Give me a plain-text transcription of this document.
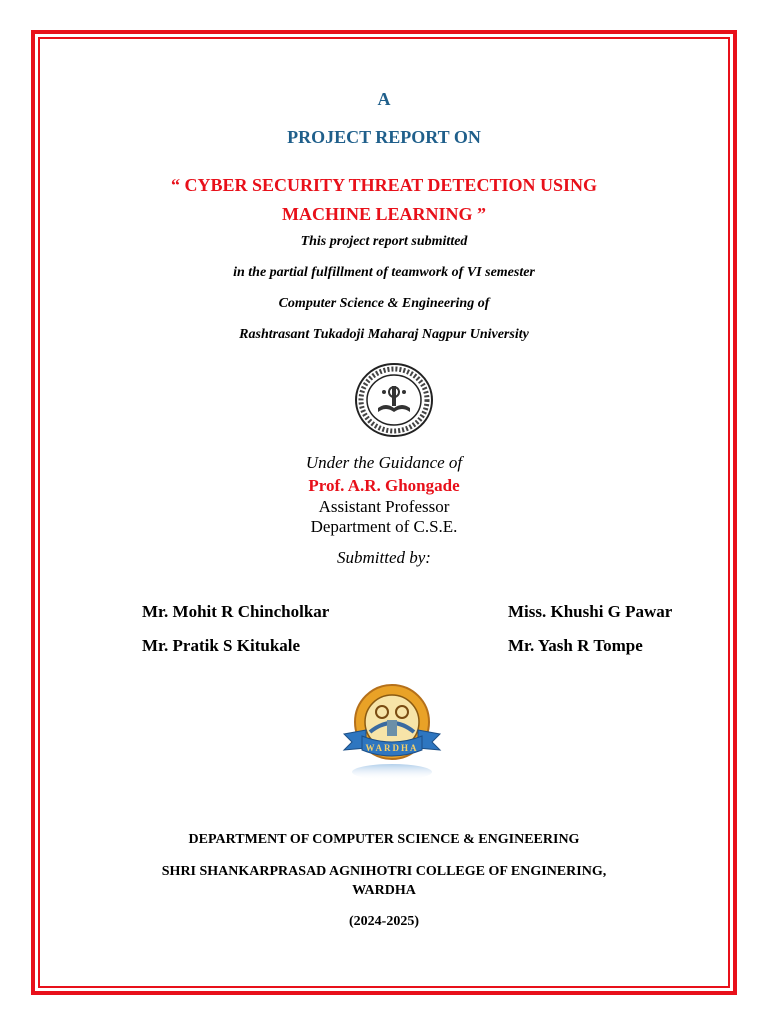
A
PROJECT REPORT ON
“ CYBER SECURITY THREAT DETECTION USING
MACHINE LEARNING ”
This project report submitted
in the partial fulfillment of teamwork of VI semester
Computer Science & Engineering of
Rashtrasant Tukadoji Maharaj Nagpur University
Under the Guidance of
Prof. A.R. Ghongade
Assistant Professor
Department of C.S.E.
Submitted by:
Mr. Mohit R Chincholkar	Miss. Khushi G Pawar
Mr. Pratik S Kitukale	Mr. Yash R Tompe
WARDHA
DEPARTMENT OF COMPUTER SCIENCE & ENGINEERING
SHRI SHANKARPRASAD AGNIHOTRI COLLEGE OF ENGINERING,
WARDHA
(2024-2025)
